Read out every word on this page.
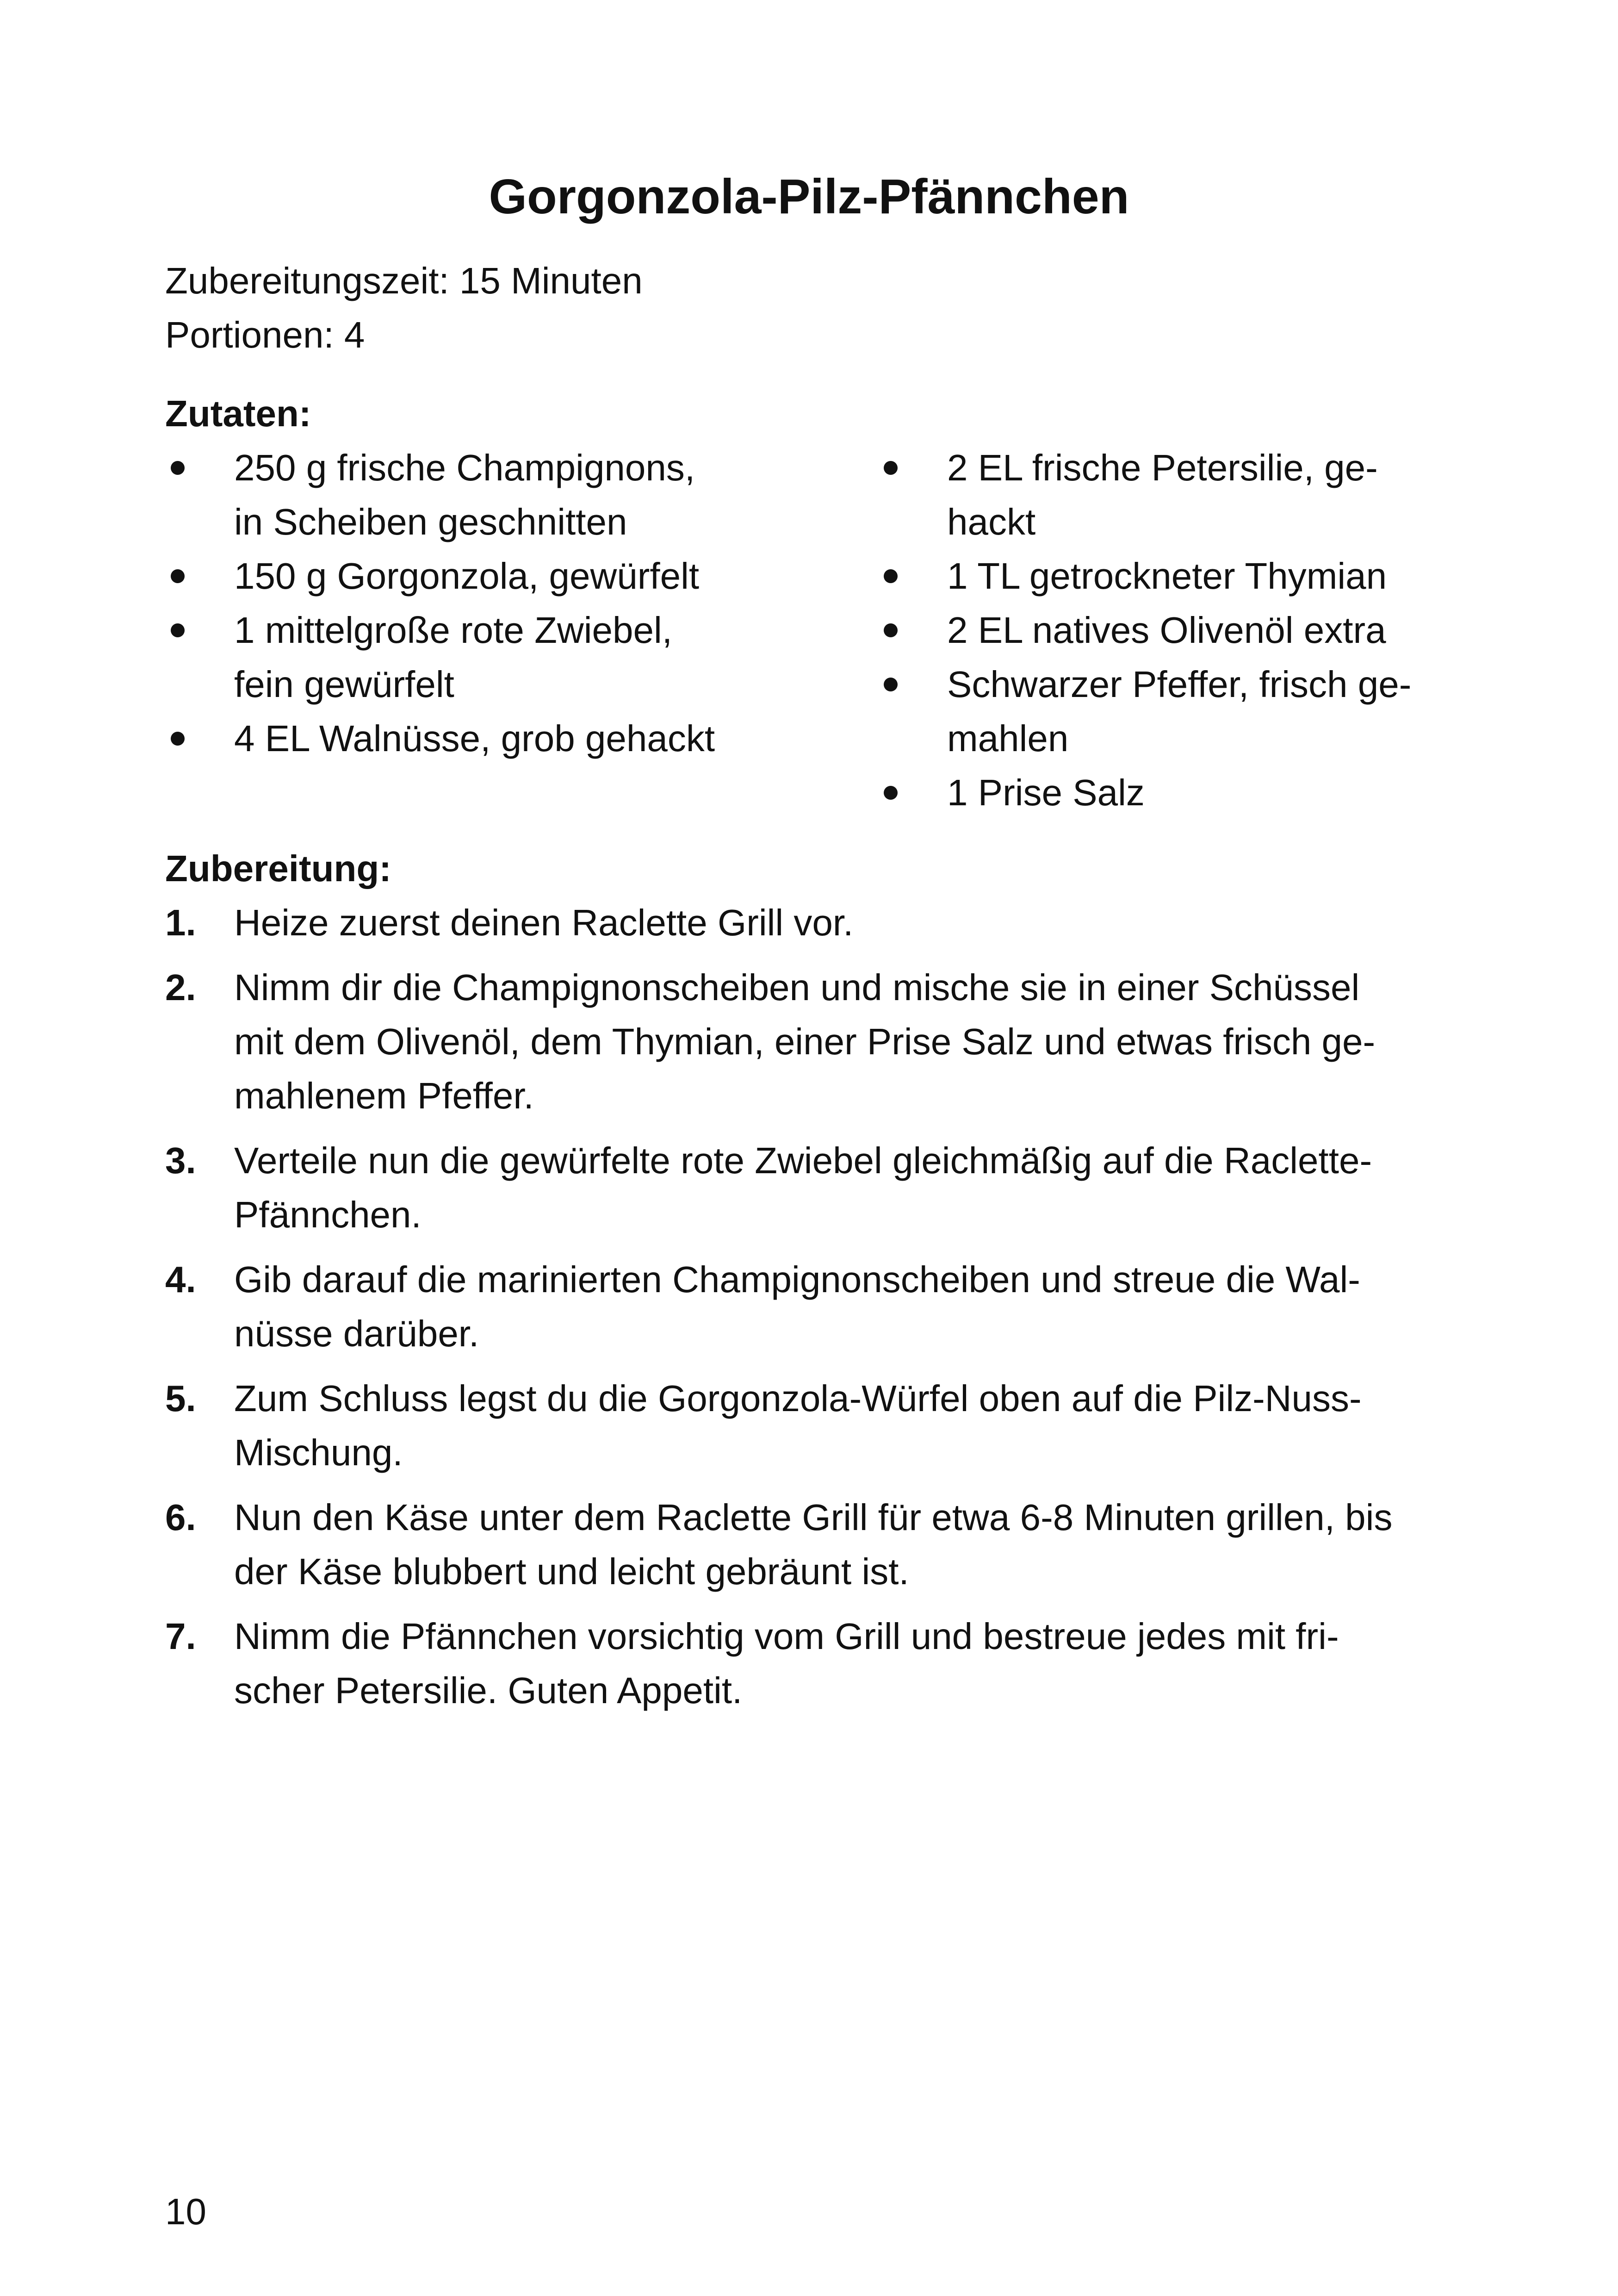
Gorgonzola-Pilz-Pfännchen
Zubereitungszeit: 15 Minuten
Portionen: 4
Zutaten:
250 g frische Champignons,
in Scheiben geschnitten
150 g Gorgonzola, gewürfelt
1 mittelgroße rote Zwiebel,
fein gewürfelt
4 EL Walnüsse, grob gehackt
2 EL frische Petersilie, ge-
hackt
1 TL getrockneter Thymian
2 EL natives Olivenöl extra
Schwarzer Pfeffer, frisch ge-
mahlen
1 Prise Salz
Zubereitung:
1. Heize zuerst deinen Raclette Grill vor.
2. Nimm dir die Champignonscheiben und mische sie in einer Schüssel
mit dem Olivenöl, dem Thymian, einer Prise Salz und etwas frisch ge-
mahlenem Pfeffer.
3. Verteile nun die gewürfelte rote Zwiebel gleichmäßig auf die Raclette-
Pfännchen.
4. Gib darauf die marinierten Champignonscheiben und streue die Wal-
nüsse darüber.
5. Zum Schluss legst du die Gorgonzola-Würfel oben auf die Pilz-Nuss-
Mischung.
6. Nun den Käse unter dem Raclette Grill für etwa 6-8 Minuten grillen, bis
der Käse blubbert und leicht gebräunt ist.
7. Nimm die Pfännchen vorsichtig vom Grill und bestreue jedes mit fri-
scher Petersilie. Guten Appetit.
10
